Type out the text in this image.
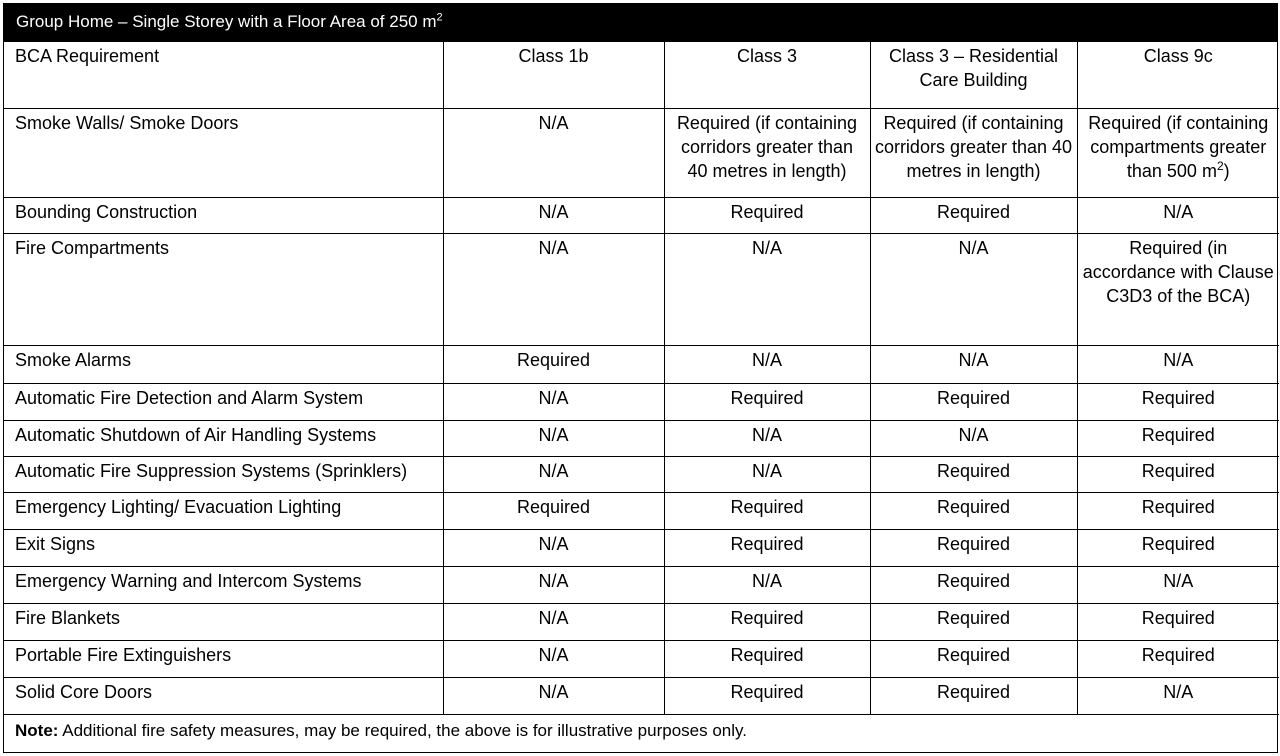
Group Home – Single Storey with a Floor Area of 250 $m^2$
BCA Requirement	Class 1b	Class 3	Class 3 – Residential Care Building	Class 9c
Smoke Walls/ Smoke Doors	N/A	Required (if containing corridors greater than 40 metres in length)	Required (if containing corridors greater than 40 metres in length)	Required (if containing compartments greater than 500 $m^2$)
Bounding Construction	N/A	Required	Required	N/A
Fire Compartments	N/A	N/A	N/A	Required (in accordance with Clause C3D3 of the BCA)
Smoke Alarms	Required	N/A	N/A	N/A
Automatic Fire Detection and Alarm System	N/A	Required	Required	Required
Automatic Shutdown of Air Handling Systems	N/A	N/A	N/A	Required
Automatic Fire Suppression Systems (Sprinklers)	N/A	N/A	Required	Required
Emergency Lighting/ Evacuation Lighting	Required	Required	Required	Required
Exit Signs	N/A	Required	Required	Required
Emergency Warning and Intercom Systems	N/A	N/A	Required	N/A
Fire Blankets	N/A	Required	Required	Required
Portable Fire Extinguishers	N/A	Required	Required	Required
Solid Core Doors	N/A	Required	Required	N/A
Note: Additional fire safety measures, may be required, the above is for illustrative purposes only.
